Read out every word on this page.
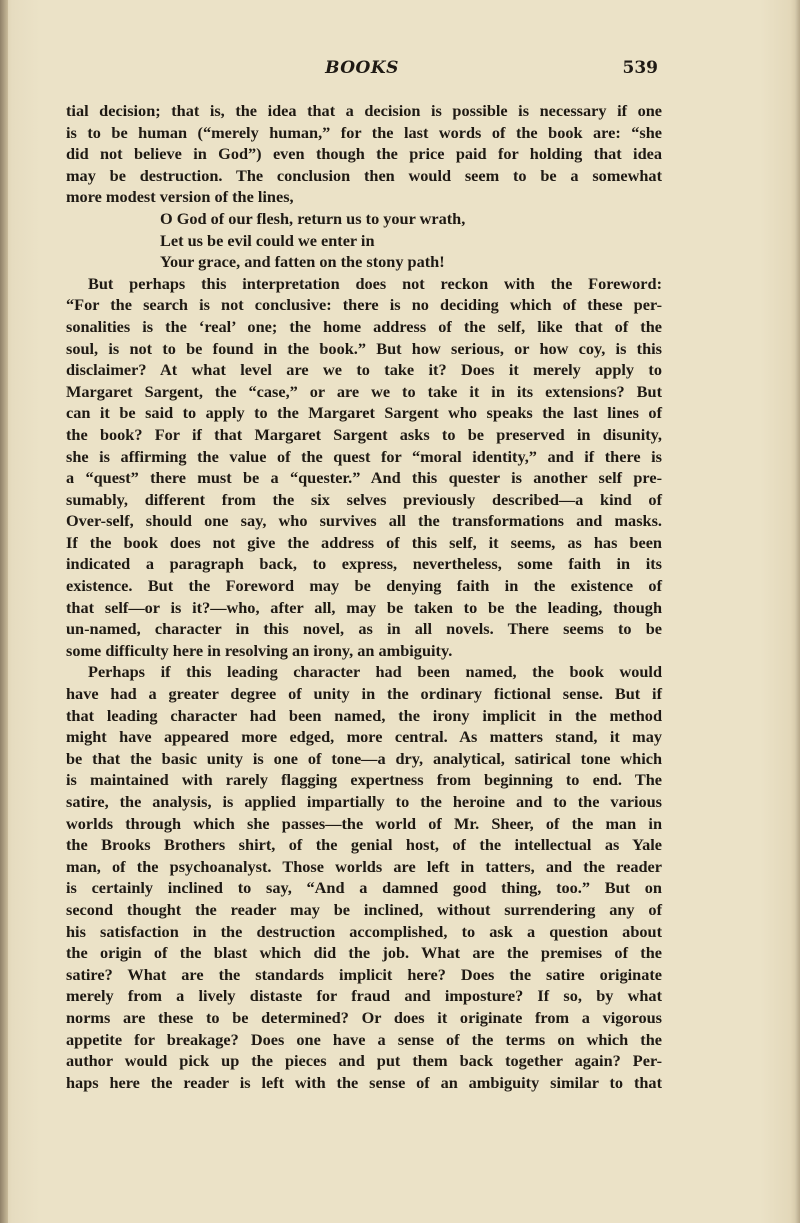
BOOKS	539

tial decision; that is, the idea that a decision is possible is necessary if one

is to be human (“merely human,” for the last words of the book are: “she

did not believe in God”) even though the price paid for holding that idea

may be destruction. The conclusion then would seem to be a somewhat

more modest version of the lines,

O God of our flesh, return us to your wrath,
Let us be evil could we enter in
Your grace, and fatten on the stony path!

But perhaps this interpretation does not reckon with the Foreword:

“For the search is not conclusive: there is no deciding which of these per-

sonalities is the ‘real’ one; the home address of the self, like that of the

soul, is not to be found in the book.” But how serious, or how coy, is this

disclaimer? At what level are we to take it? Does it merely apply to

Margaret Sargent, the “case,” or are we to take it in its extensions? But

can it be said to apply to the Margaret Sargent who speaks the last lines of

the book? For if that Margaret Sargent asks to be preserved in disunity,

she is affirming the value of the quest for “moral identity,” and if there is

a “quest” there must be a “quester.” And this quester is another self pre-

sumably, different from the six selves previously described—a kind of

Over-self, should one say, who survives all the transformations and masks.

If the book does not give the address of this self, it seems, as has been

indicated a paragraph back, to express, nevertheless, some faith in its

existence. But the Foreword may be denying faith in the existence of

that self—or is it?—who, after all, may be taken to be the leading, though

un-named, character in this novel, as in all novels. There seems to be

some difficulty here in resolving an irony, an ambiguity.

Perhaps if this leading character had been named, the book would

have had a greater degree of unity in the ordinary fictional sense. But if

that leading character had been named, the irony implicit in the method

might have appeared more edged, more central. As matters stand, it may

be that the basic unity is one of tone—a dry, analytical, satirical tone which

is maintained with rarely flagging expertness from beginning to end. The

satire, the analysis, is applied impartially to the heroine and to the various

worlds through which she passes—the world of Mr. Sheer, of the man in

the Brooks Brothers shirt, of the genial host, of the intellectual as Yale

man, of the psychoanalyst. Those worlds are left in tatters, and the reader

is certainly inclined to say, “And a damned good thing, too.” But on

second thought the reader may be inclined, without surrendering any of

his satisfaction in the destruction accomplished, to ask a question about

the origin of the blast which did the job. What are the premises of the

satire? What are the standards implicit here? Does the satire originate

merely from a lively distaste for fraud and imposture? If so, by what

norms are these to be determined? Or does it originate from a vigorous

appetite for breakage? Does one have a sense of the terms on which the

author would pick up the pieces and put them back together again? Per-

haps here the reader is left with the sense of an ambiguity similar to that
